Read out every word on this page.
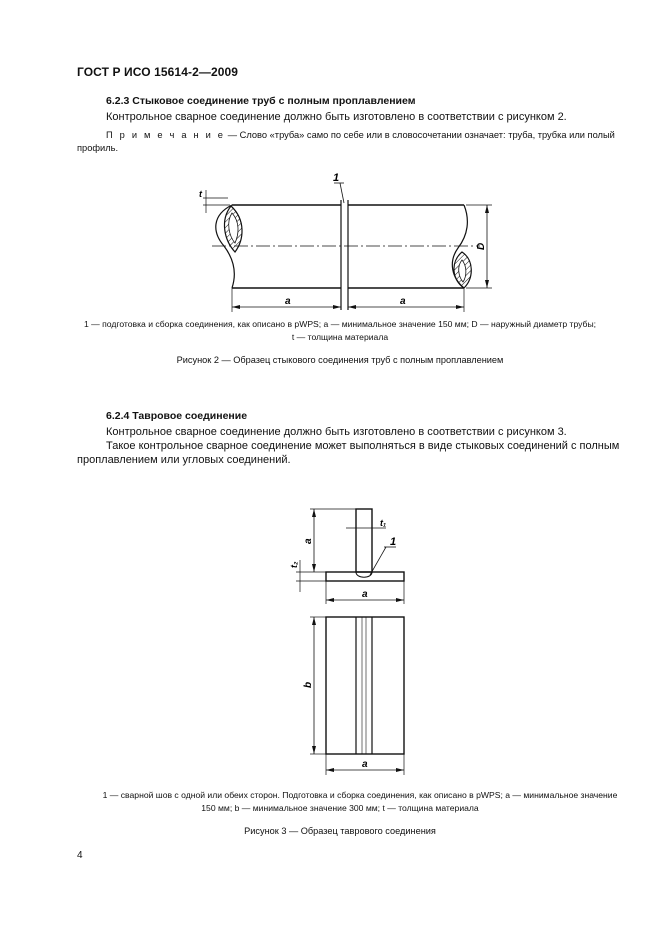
ГОСТ Р ИСО 15614-2—2009
6.2.3 Стыковое соединение труб с полным проплавлением
Контрольное сварное соединение должно быть изготовлено в соответствии с рисунком 2.
П р и м е ч а н и е — Слово «труба» само по себе или в словосочетании означает: труба, трубка или полый
профиль.
1
t
a	a
D
1 — подготовка и сборка соединения, как описано в pWPS; a — минимальное значение 150 мм; D — наружный диаметр трубы;
t — толщина материала
Рисунок 2 — Образец стыкового соединения труб с полным проплавлением
6.2.4 Тавровое соединение
Контрольное сварное соединение должно быть изготовлено в соответствии с рисунком 3.
Такое контрольное сварное соединение может выполняться в виде стыковых соединений с полным
проплавлением или угловых соединений.
a
t₂
t₁
1
a
b
a
1 — сварной шов с одной или обеих сторон. Подготовка и сборка соединения, как описано в pWPS; a — минимальное значение
150 мм; b — минимальное значение 300 мм; t — толщина материала
Рисунок 3 — Образец таврового соединения
4
